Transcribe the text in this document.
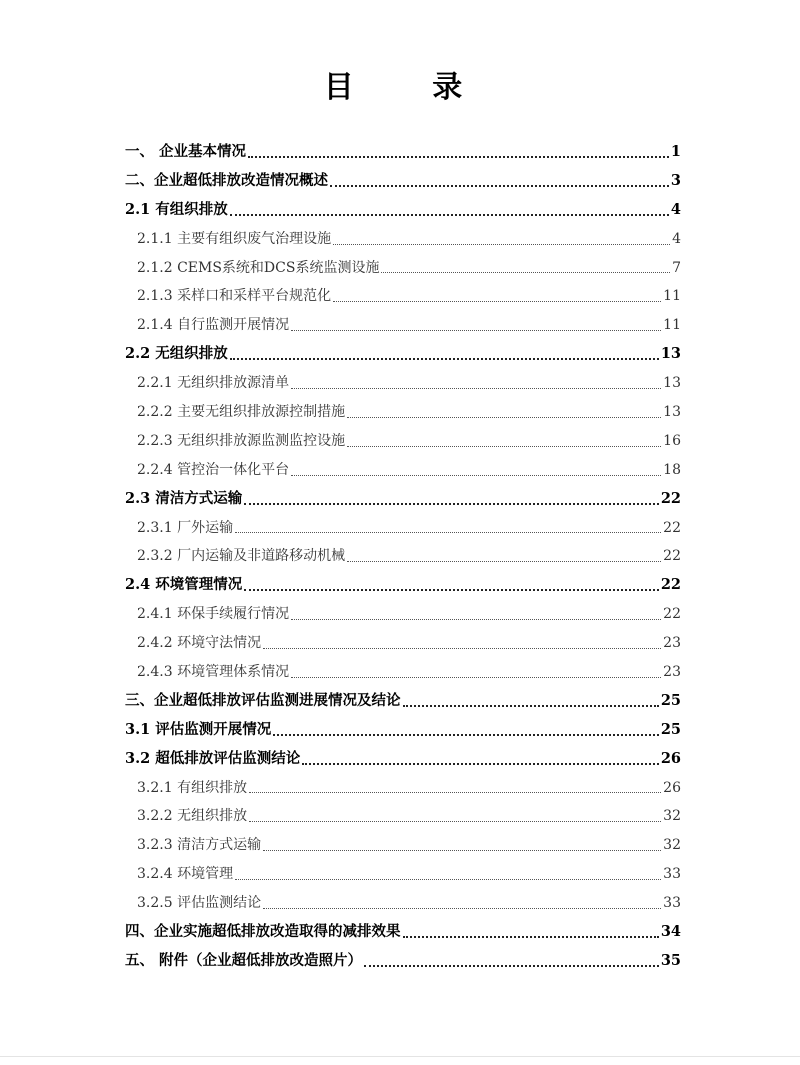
目 录
一、 企业基本情况	1
二、企业超低排放改造情况概述	3
2.1 有组织排放	4
2.1.1 主要有组织废气治理设施	4
2.1.2 CEMS系统和DCS系统监测设施	7
2.1.3 采样口和采样平台规范化	11
2.1.4 自行监测开展情况	11
2.2 无组织排放	13
2.2.1 无组织排放源清单	13
2.2.2 主要无组织排放源控制措施	13
2.2.3 无组织排放源监测监控设施	16
2.2.4 管控治一体化平台	18
2.3 清洁方式运输	22
2.3.1 厂外运输	22
2.3.2 厂内运输及非道路移动机械	22
2.4 环境管理情况	22
2.4.1 环保手续履行情况	22
2.4.2 环境守法情况	23
2.4.3 环境管理体系情况	23
三、企业超低排放评估监测进展情况及结论	25
3.1 评估监测开展情况	25
3.2 超低排放评估监测结论	26
3.2.1 有组织排放	26
3.2.2 无组织排放	32
3.2.3 清洁方式运输	32
3.2.4 环境管理	33
3.2.5 评估监测结论	33
四、企业实施超低排放改造取得的减排效果	34
五、 附件（企业超低排放改造照片）	35
